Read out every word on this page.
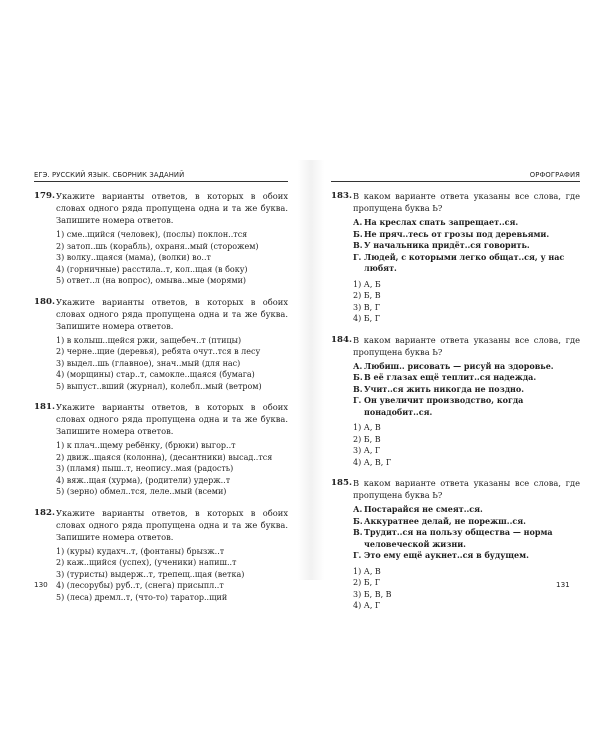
ЕГЭ. РУССКИЙ ЯЗЫК. СБОРНИК ЗАДАНИЙ
179. Укажите варианты ответов, в которых в обоих словах одного ряда пропущена одна и та же буква. Запишите номера ответов.
1) сме..щийся (человек), (послы) поклон..тся
2) затоп..шь (корабль), охраня..мый (сторожем)
3) волку..щаяся (мама), (волки) во..т
4) (горничные) расстила..т, кол..щая (в боку)
5) ответ..л (на вопрос), омыва..мые (морями)
180. Укажите варианты ответов, в которых в обоих словах одного ряда пропущена одна и та же буква. Запишите номера ответов.
1) в колыш..щейся ржи, защебеч..т (птицы)
2) черне..щие (деревья), ребята очут..тся в лесу
3) выдел..шь (главное), знач..мый (для нас)
4) (морщины) стар..т, самокле..щаяся (бумага)
5) выпуст..вший (журнал), колебл..мый (ветром)
181. Укажите варианты ответов, в которых в обоих словах одного ряда пропущена одна и та же буква. Запишите номера ответов.
1) к плач..щему ребёнку, (брюки) выгор..т
2) движ..щаяся (колонна), (десантники) высад..тся
3) (пламя) пыш..т, неопису..мая (радость)
4) вяж..щая (хурма), (родители) удерж..т
5) (зерно) обмел..тся, леле..мый (всеми)
182. Укажите варианты ответов, в которых в обоих словах одного ряда пропущена одна и та же буква. Запишите номера ответов.
1) (куры) кудахч..т, (фонтаны) брызж..т
2) каж..щийся (успех), (ученики) напиш..т
3) (туристы) выдерж..т, трепещ..щая (ветка)
4) (лесорубы) руб..т, (снега) присыпл..т
5) (леса) дремл..т, (что-то) таратор..щий
ОРФОГРАФИЯ
183. В каком варианте ответа указаны все слова, где пропущена буква Ь?
А. На креслах спать запрещает..ся.
Б. Не пряч..тесь от грозы под деревьями.
В. У начальника придёт..ся говорить.
Г. Людей, с которыми легко общат..ся, у нас любят.
1) А, Б
2) Б, В
3) В, Г
4) Б, Г
184. В каком варианте ответа указаны все слова, где пропущена буква Ь?
А. Любиш.. рисовать — рисуй на здоровье.
Б. В её глазах ещё теплит..ся надежда.
В. Учит..ся жить никогда не поздно.
Г. Он увеличит производство, когда понадобит..ся.
1) А, В
2) Б, В
3) А, Г
4) А, В, Г
185. В каком варианте ответа указаны все слова, где пропущена буква Ь?
А. Постарайся не смеят..ся.
Б. Аккуратнее делай, не порежш..ся.
В. Трудит..ся на пользу общества — норма человеческой жизни.
Г. Это ему ещё аукнет..ся в будущем.
1) А, В
2) Б, Г
3) Б, В, В
4) А, Г
130	131
